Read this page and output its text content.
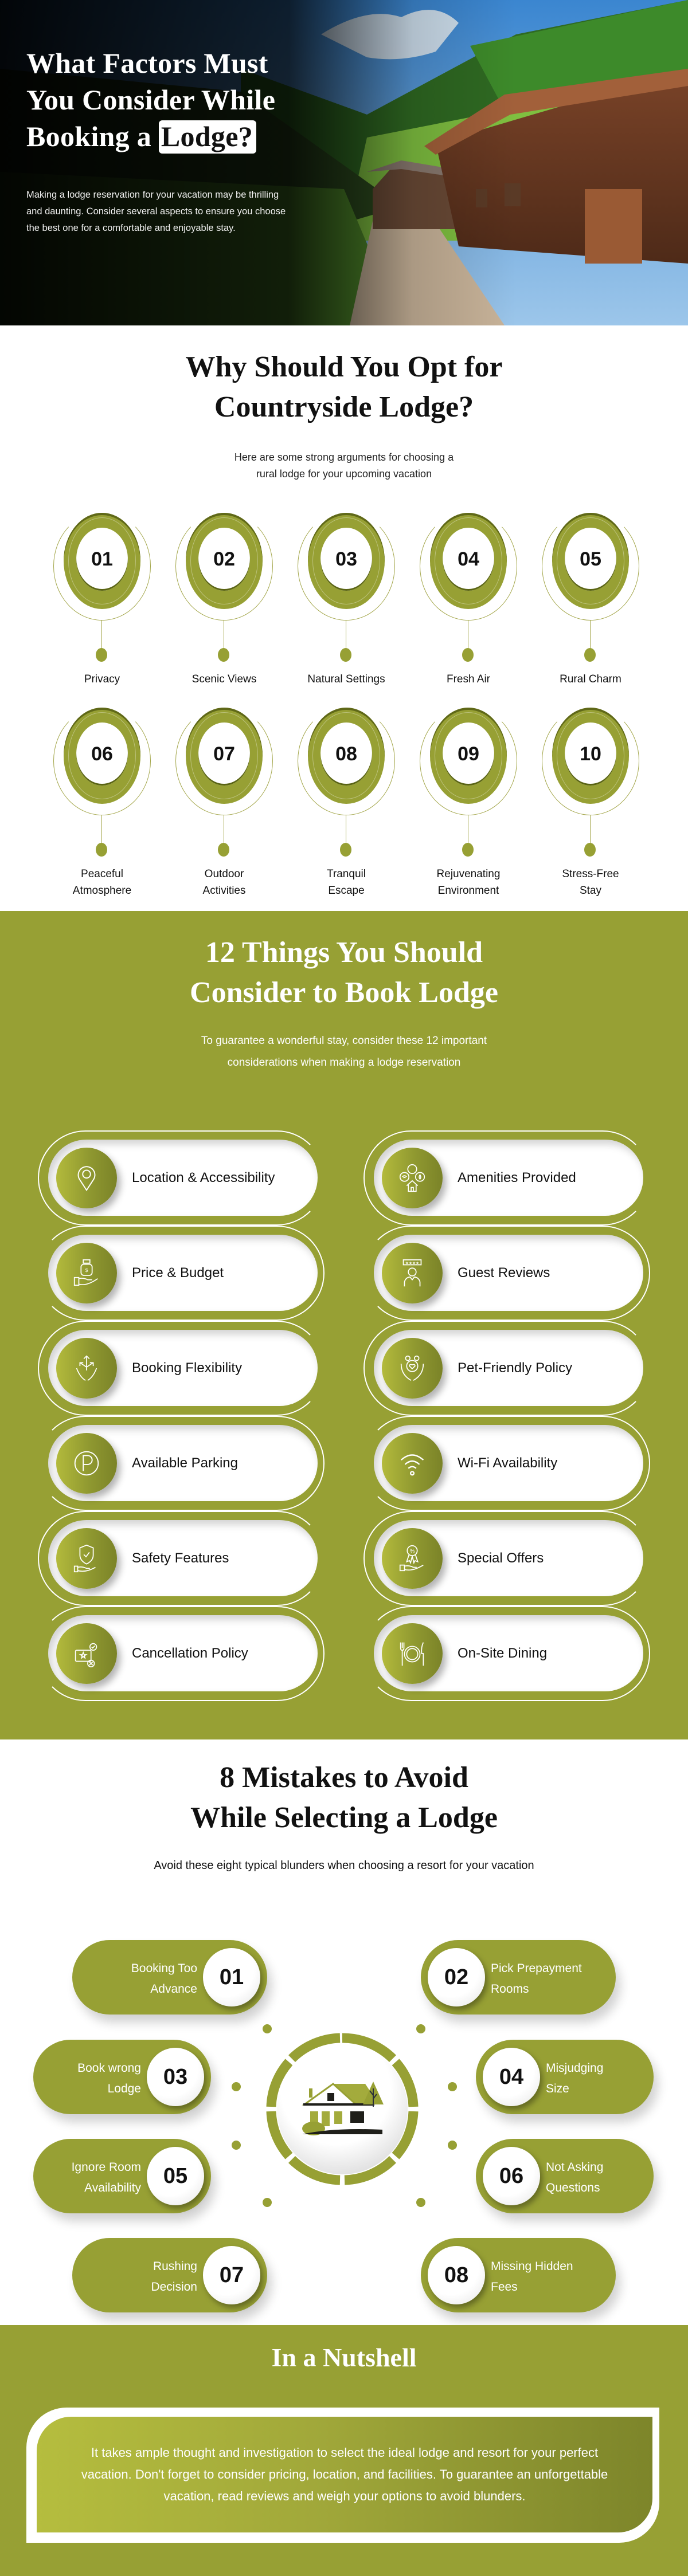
What Factors Must
You Consider While
Booking a Lodge?

Making a lodge reservation for your vacation may be thrilling and daunting. Consider several aspects to ensure you choose the best one for a comfortable and enjoyable stay.

Why Should You Opt for
Countryside Lodge?

Here are some strong arguments for choosing a
rural lodge for your upcoming vacation

01
Privacy
02
Scenic Views
03
Natural Settings
04
Fresh Air
05
Rural Charm
06
Peaceful
Atmosphere
07
Outdoor
Activities
08
Tranquil
Escape
09
Rejuvenating
Environment
10
Stress-Free
Stay
12 Things You Should
Consider to Book Lodge

To guarantee a wonderful stay, consider these 12 important
considerations when making a lodge reservation

Location & Accessibility	Amenities Provided
$	Price & Budget
★★★★
Guest Reviews
Booking Flexibility	Pet-Friendly Policy
Available Parking	Wi-Fi Availability
Safety Features	%	Special Offers
Cancellation Policy	On-Site Dining
8 Mistakes to Avoid
While Selecting a Lodge

Avoid these eight typical blunders when choosing a resort for your vacation

Booking Too
Advance	01	02	Pick Prepayment
Rooms
Book wrong
Lodge	03	04	Misjudging
Size
Ignore Room
Availability	05	06	Not Asking
Questions
Rushing
Decision	07	08	Missing Hidden
Fees
In a Nutshell

It takes ample thought and investigation to select the ideal lodge and resort for your perfect vacation. Don't forget to consider pricing, location, and facilities. To guarantee an unforgettable vacation, read reviews and weigh your options to avoid blunders.
